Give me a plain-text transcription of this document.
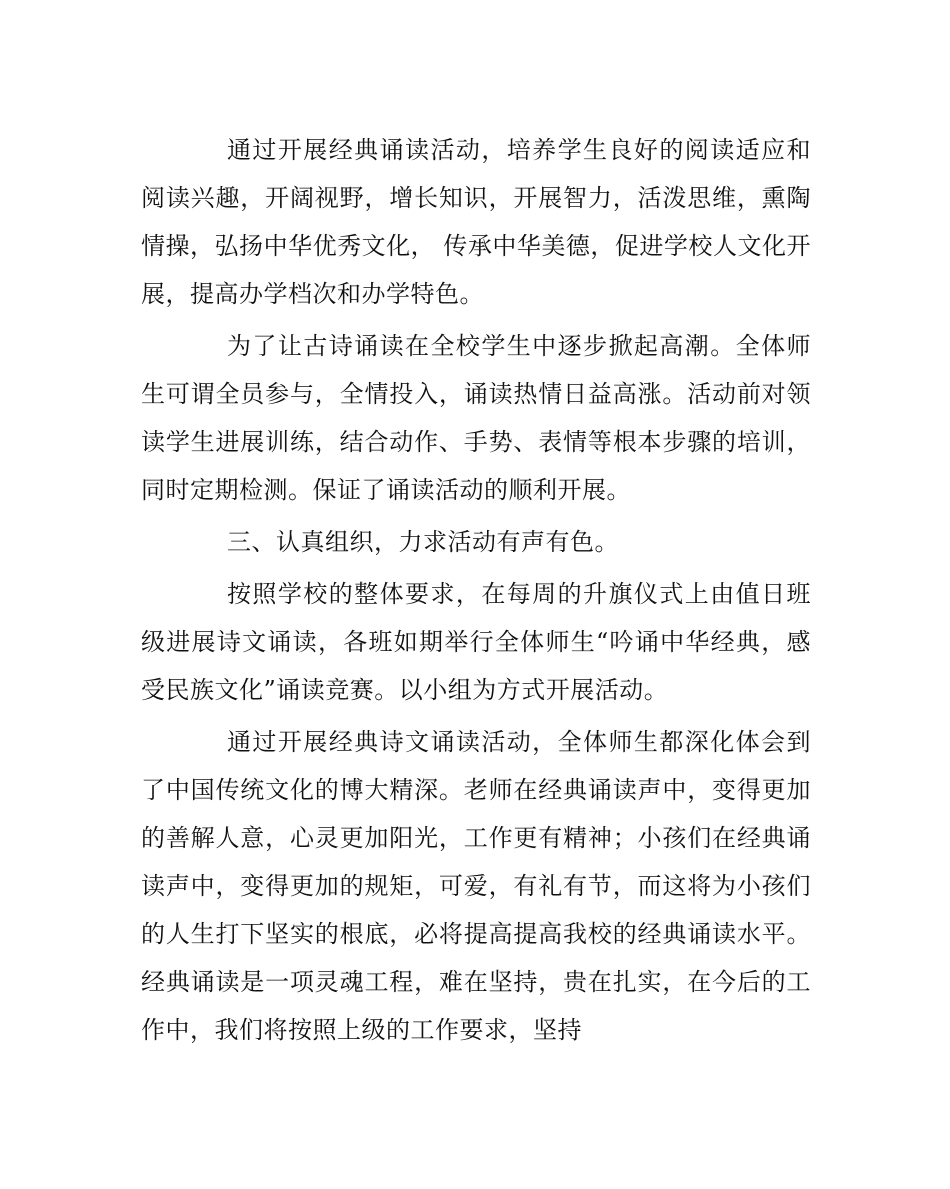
通过开展经典诵读活动，培养学生良好的阅读适应和阅读兴趣，开阔视野，增长知识，开展智力，活泼思维，熏陶情操，弘扬中华优秀文化， 传承中华美德，促进学校人文化开展，提高办学档次和办学特色。

为了让古诗诵读在全校学生中逐步掀起高潮。全体师生可谓全员参与，全情投入，诵读热情日益高涨。活动前对领读学生进展训练，结合动作、手势、表情等根本步骤的培训，同时定期检测。保证了诵读活动的顺利开展。

三、认真组织，力求活动有声有色。

按照学校的整体要求，在每周的升旗仪式上由值日班级进展诗文诵读，各班如期举行全体师生“吟诵中华经典，感受民族文化”诵读竞赛。以小组为方式开展活动。

通过开展经典诗文诵读活动，全体师生都深化体会到了中国传统文化的博大精深。老师在经典诵读声中，变得更加的善解人意，心灵更加阳光，工作更有精神；小孩们在经典诵读声中，变得更加的规矩，可爱，有礼有节，而这将为小孩们的人生打下坚实的根底，必将提高提高我校的经典诵读水平。经典诵读是一项灵魂工程，难在坚持，贵在扎实，在今后的工作中，我们将按照上级的工作要求，坚持
